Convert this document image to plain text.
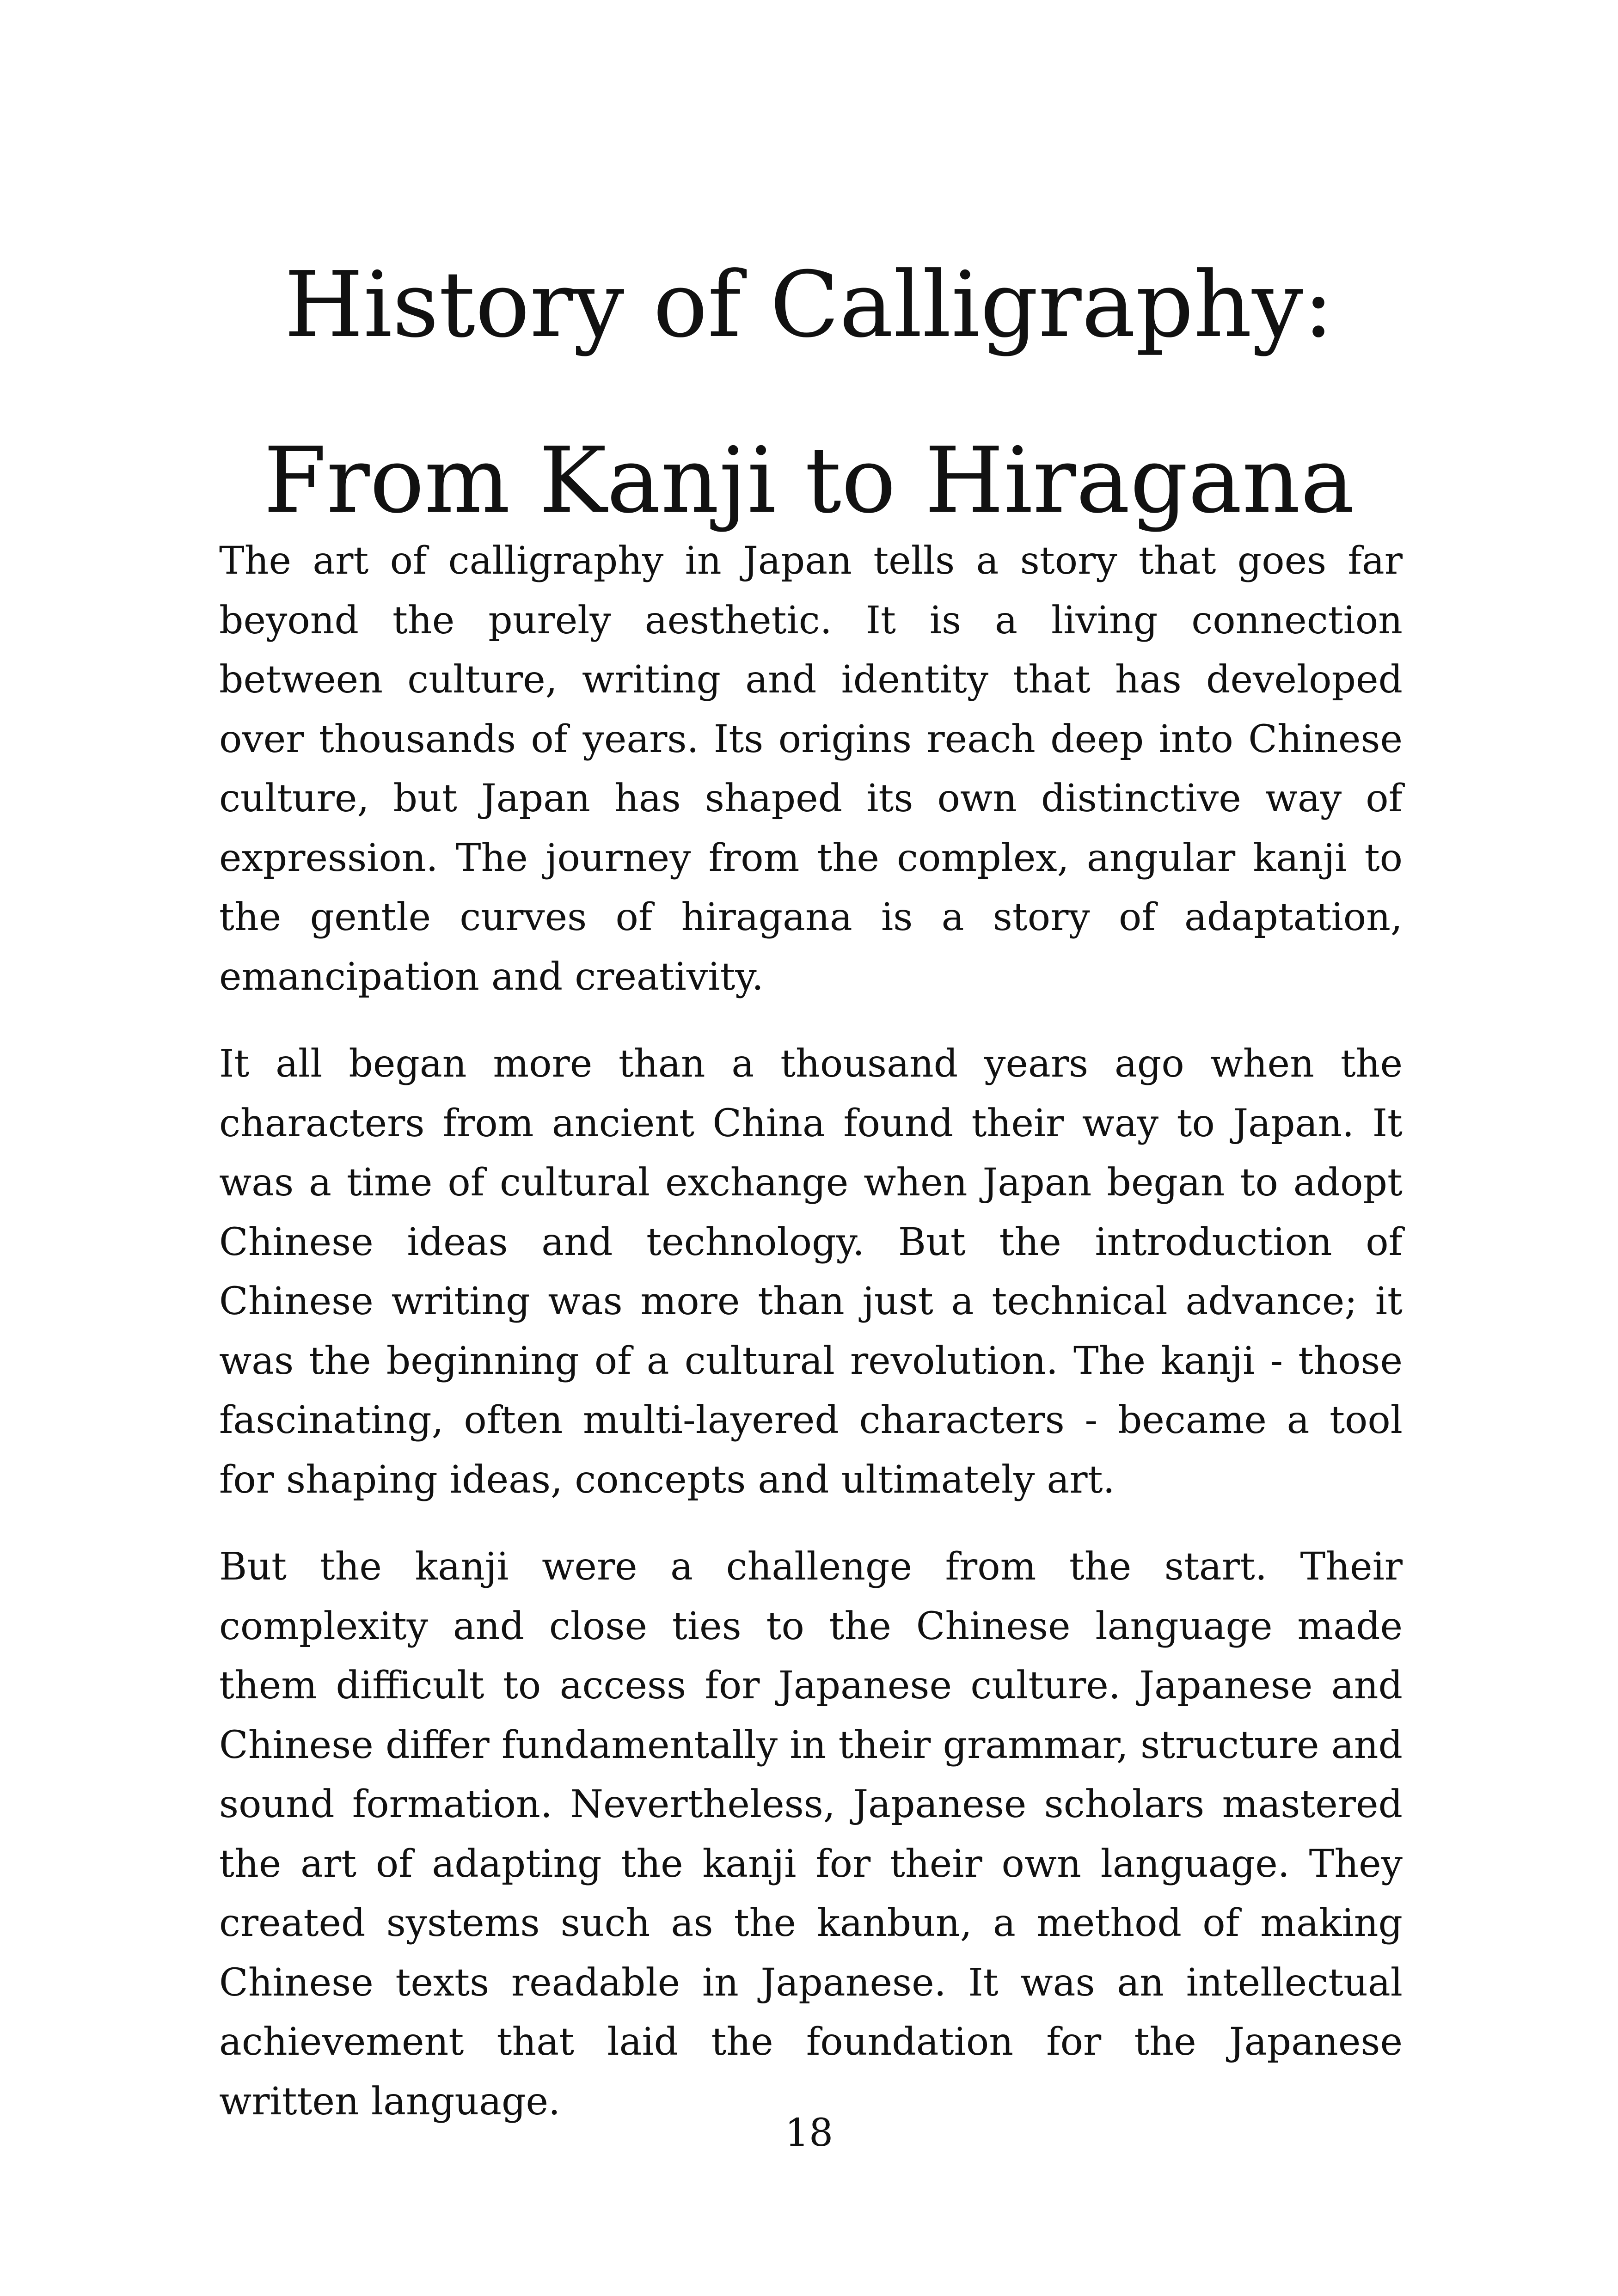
History of Calligraphy:
From Kanji to Hiragana

The art of calligraphy in Japan tells a story that goes far beyond the purely aesthetic. It is a living connection between culture, writing and identity that has developed over thousands of years. Its origins reach deep into Chinese culture, but Japan has shaped its own distinctive way of expression. The journey from the complex, angular kanji to the gentle curves of hiragana is a story of adaptation, emancipation and creativity.

It all began more than a thousand years ago when the characters from ancient China found their way to Japan. It was a time of cultural exchange when Japan began to adopt Chinese ideas and technology. But the introduction of Chinese writing was more than just a technical advance; it was the beginning of a cultural revolution. The kanji - those fascinating, often multi-layered characters - became a tool for shaping ideas, concepts and ultimately art.

But the kanji were a challenge from the start. Their complexity and close ties to the Chinese language made them difficult to access for Japanese culture. Japanese and Chinese differ fundamentally in their grammar, structure and sound formation. Nevertheless, Japanese scholars mastered the art of adapting the kanji for their own language. They created systems such as the kanbun, a method of making Chinese texts readable in Japanese. It was an intellectual achievement that laid the foundation for the Japanese written language.

18
